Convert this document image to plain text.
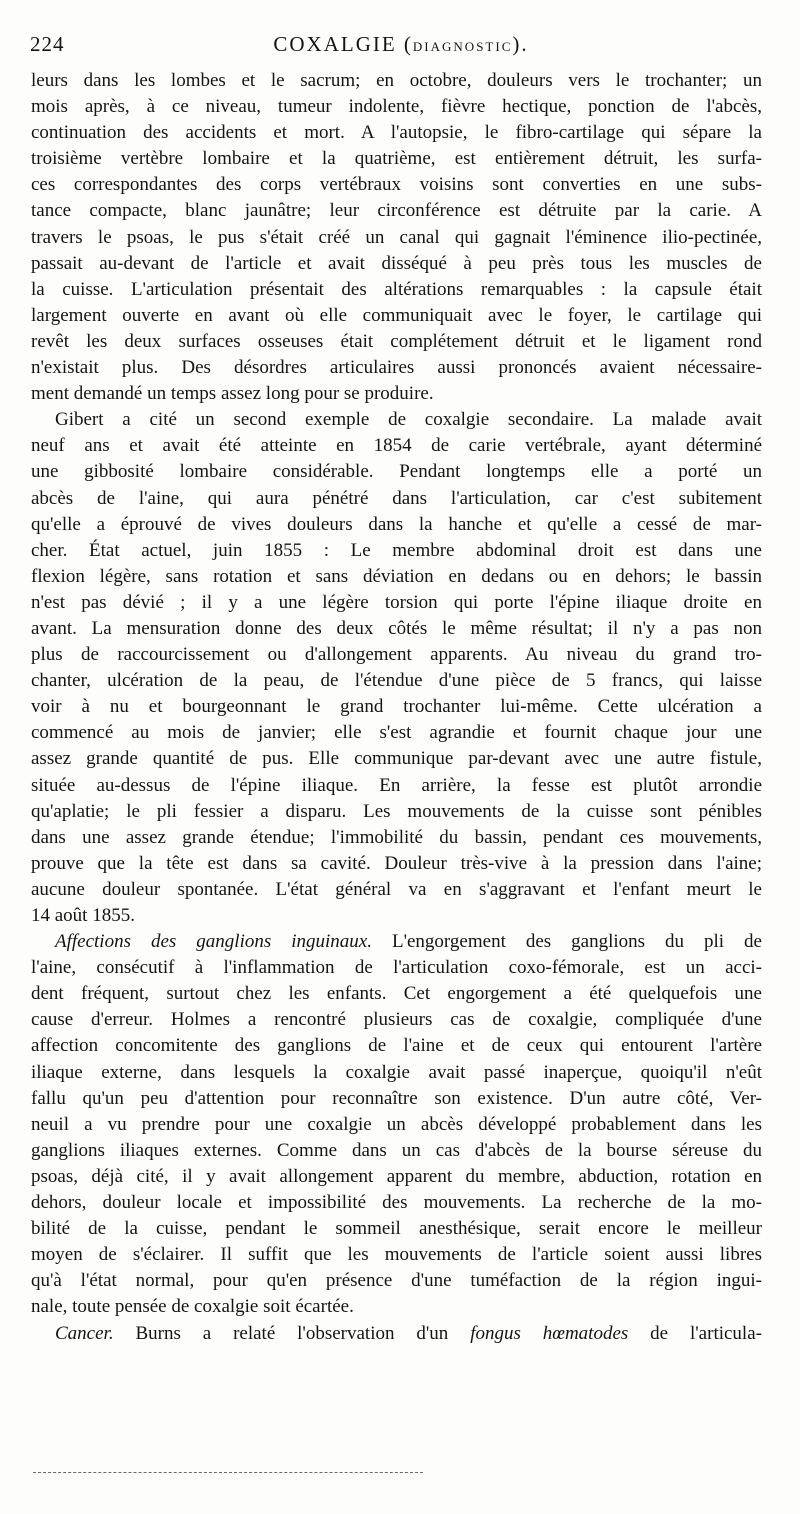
224	COXALGIE (DIAGNOSTIC).

leurs dans les lombes et le sacrum; en octobre, douleurs vers le trochanter; un

mois après, à ce niveau, tumeur indolente, fièvre hectique, ponction de l'abcès,

continuation des accidents et mort. A l'autopsie, le fibro-cartilage qui sépare la

troisième vertèbre lombaire et la quatrième, est entièrement détruit, les surfa-

ces correspondantes des corps vertébraux voisins sont converties en une subs-

tance compacte, blanc jaunâtre; leur circonférence est détruite par la carie. A

travers le psoas, le pus s'était créé un canal qui gagnait l'éminence ilio-pectinée,

passait au-devant de l'article et avait disséqué à peu près tous les muscles de

la cuisse. L'articulation présentait des altérations remarquables : la capsule était

largement ouverte en avant où elle communiquait avec le foyer, le cartilage qui

revêt les deux surfaces osseuses était complétement détruit et le ligament rond

n'existait plus. Des désordres articulaires aussi prononcés avaient nécessaire-

ment demandé un temps assez long pour se produire.

Gibert a cité un second exemple de coxalgie secondaire. La malade avait

neuf ans et avait été atteinte en 1854 de carie vertébrale, ayant déterminé

une gibbosité lombaire considérable. Pendant longtemps elle a porté un

abcès de l'aine, qui aura pénétré dans l'articulation, car c'est subitement

qu'elle a éprouvé de vives douleurs dans la hanche et qu'elle a cessé de mar-

cher. État actuel, juin 1855 : Le membre abdominal droit est dans une

flexion légère, sans rotation et sans déviation en dedans ou en dehors; le bassin

n'est pas dévié ; il y a une légère torsion qui porte l'épine iliaque droite en

avant. La mensuration donne des deux côtés le même résultat; il n'y a pas non

plus de raccourcissement ou d'allongement apparents. Au niveau du grand tro-

chanter, ulcération de la peau, de l'étendue d'une pièce de 5 francs, qui laisse

voir à nu et bourgeonnant le grand trochanter lui-même. Cette ulcération a

commencé au mois de janvier; elle s'est agrandie et fournit chaque jour une

assez grande quantité de pus. Elle communique par-devant avec une autre fistule,

située au-dessus de l'épine iliaque. En arrière, la fesse est plutôt arrondie

qu'aplatie; le pli fessier a disparu. Les mouvements de la cuisse sont pénibles

dans une assez grande étendue; l'immobilité du bassin, pendant ces mouvements,

prouve que la tête est dans sa cavité. Douleur très-vive à la pression dans l'aine;

aucune douleur spontanée. L'état général va en s'aggravant et l'enfant meurt le

14 août 1855.

Affections des ganglions inguinaux. L'engorgement des ganglions du pli de

l'aine, consécutif à l'inflammation de l'articulation coxo-fémorale, est un acci-

dent fréquent, surtout chez les enfants. Cet engorgement a été quelquefois une

cause d'erreur. Holmes a rencontré plusieurs cas de coxalgie, compliquée d'une

affection concomitente des ganglions de l'aine et de ceux qui entourent l'artère

iliaque externe, dans lesquels la coxalgie avait passé inaperçue, quoiqu'il n'eût

fallu qu'un peu d'attention pour reconnaître son existence. D'un autre côté, Ver-

neuil a vu prendre pour une coxalgie un abcès développé probablement dans les

ganglions iliaques externes. Comme dans un cas d'abcès de la bourse séreuse du

psoas, déjà cité, il y avait allongement apparent du membre, abduction, rotation en

dehors, douleur locale et impossibilité des mouvements. La recherche de la mo-

bilité de la cuisse, pendant le sommeil anesthésique, serait encore le meilleur

moyen de s'éclairer. Il suffit que les mouvements de l'article soient aussi libres

qu'à l'état normal, pour qu'en présence d'une tuméfaction de la région ingui-

nale, toute pensée de coxalgie soit écartée.

Cancer. Burns a relaté l'observation d'un fongus hœmatodes de l'articula-
